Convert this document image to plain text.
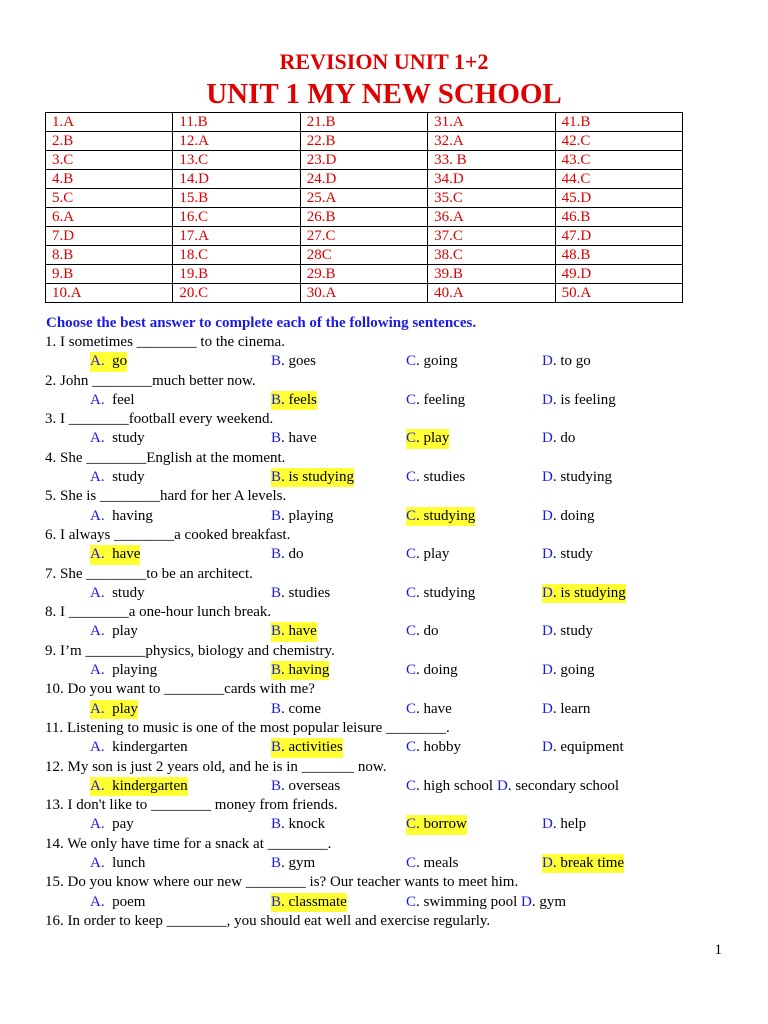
REVISION UNIT 1+2
UNIT 1 MY NEW SCHOOL
1.A	11.B	21.B	31.A	41.B
2.B	12.A	22.B	32.A	42.C
3.C	13.C	23.D	33. B	43.C
4.B	14.D	24.D	34.D	44.C
5.C	15.B	25.A	35.C	45.D
6.A	16.C	26.B	36.A	46.B
7.D	17.A	27.C	37.C	47.D
8.B	18.C	28C	38.C	48.B
9.B	19.B	29.B	39.B	49.D
10.A	20.C	30.A	40.A	50.A
Choose the best answer to complete each of the following sentences.
1. I sometimes ________ to the cinema.
A. go	B. goes	C. going	D. to go
2. John ________much better now.
A. feel	B. feels	C. feeling	D. is feeling
3. I ________football every weekend.
A. study	B. have	C. play	D. do
4. She ________English at the moment.
A. study	B. is studying	C. studies	D. studying
5. She is ________hard for her A levels.
A. having	B. playing	C. studying	D. doing
6. I always ________a cooked breakfast.
A. have	B. do	C. play	D. study
7. She ________to be an architect.
A. study	B. studies	C. studying	D. is studying
8. I ________a one-hour lunch break.
A. play	B. have	C. do	D. study
9. I’m ________physics, biology and chemistry.
A. playing	B. having	C. doing	D. going
10. Do you want to ________cards with me?
A. play	B. come	C. have	D. learn
11. Listening to music is one of the most popular leisure ________.
A. kindergarten	B. activities	C. hobby	D. equipment
12. My son is just 2 years old, and he is in _______ now.
A. kindergarten	B. overseas	C. high school D. secondary school
13. I don't like to ________ money from friends.
A. pay	B. knock	C. borrow	D. help
14. We only have time for a snack at ________.
A. lunch	B. gym	C. meals	D. break time
15. Do you know where our new ________ is? Our teacher wants to meet him.
A. poem	B. classmate	C. swimming pool D. gym
16. In order to keep ________, you should eat well and exercise regularly.
1
